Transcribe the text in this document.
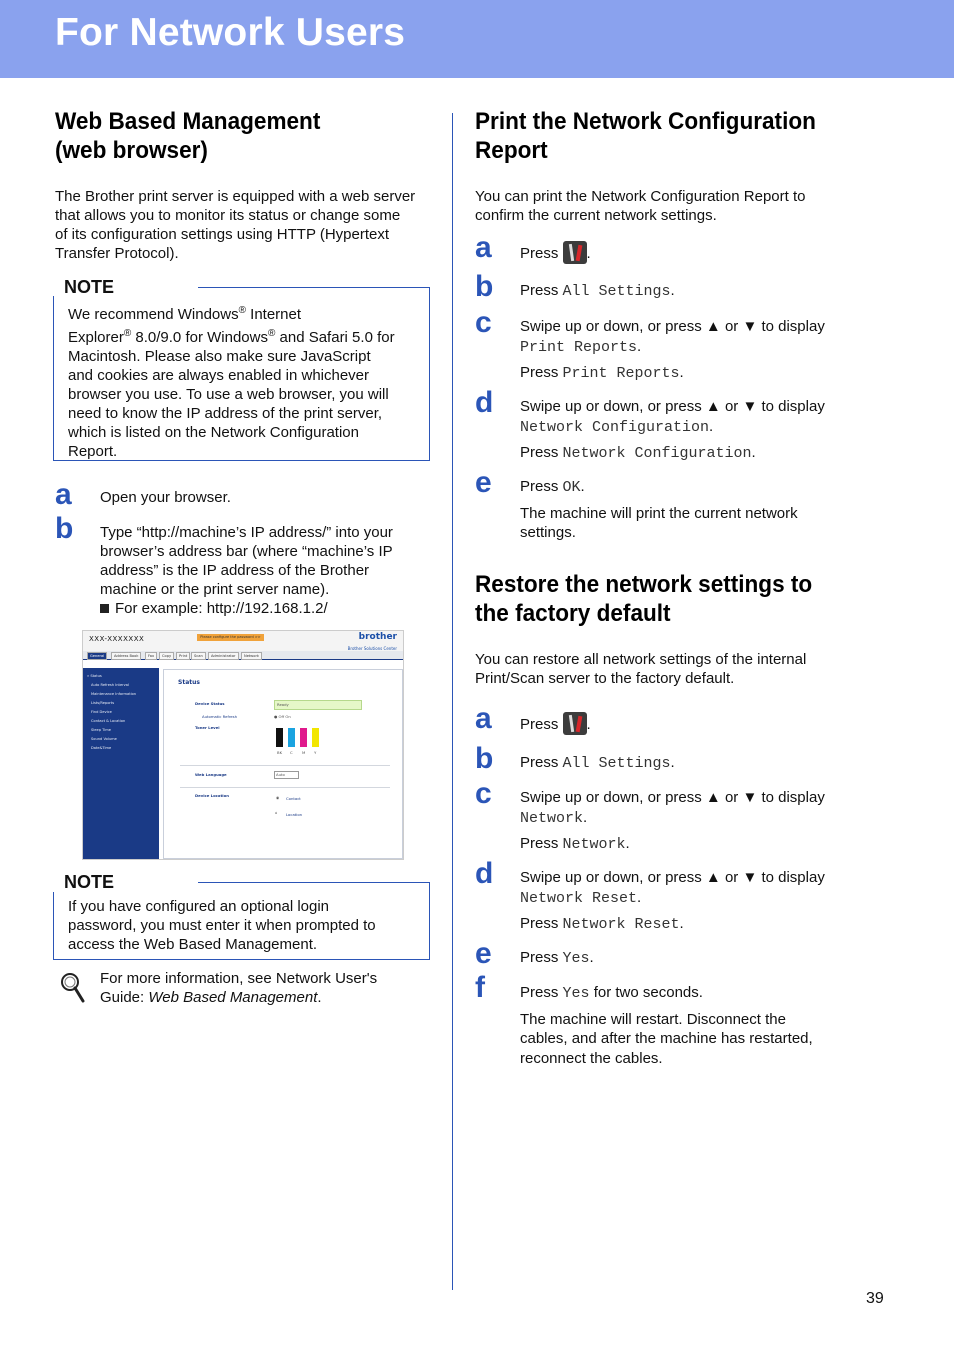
For Network Users
Web Based Management
(web browser)
The Brother print server is equipped with a web server
that allows you to monitor its status or change some
of its configuration settings using HTTP (Hypertext
Transfer Protocol).
NOTE
We recommend Windows® Internet
Explorer® 8.0/9.0 for Windows® and Safari 5.0 for
Macintosh. Please also make sure JavaScript
and cookies are always enabled in whichever
browser you use. To use a web browser, you will
need to know the IP address of the print server,
which is listed on the Network Configuration
Report.
a Open your browser.
b Type “http://machine’s IP address/” into your
browser’s address bar (where “machine’s IP
address” is the IP address of the Brother
machine or the print server name).
For example: http://192.168.1.2/
XXX-XXXXXXX	Please configure the password >>	brother
Brother Solutions Center
General	Address Book	Fax	Copy	Print	Scan	Administrator	Network
» Status
Auto Refresh Interval
Maintenance Information
Lists/Reports
Find Device
Contact & Location
Sleep Time
Sound Volume
Date&Time
Status
Device Status	Ready
Automatic Refresh	● Off On
Toner Level
BK C M Y
Web Language	Auto
Device Location	◉ Contact
⌂ Location
NOTE
If you have configured an optional login
password, you must enter it when prompted to
access the Web Based Management.
For more information, see Network User's
Guide: Web Based Management.
Print the Network Configuration
Report
You can print the Network Configuration Report to
confirm the current network settings.
a Press .
b Press All Settings.
c Swipe up or down, or press ▲ or ▼ to display
Print Reports.
Press Print Reports.
d Swipe up or down, or press ▲ or ▼ to display
Network Configuration.
Press Network Configuration.
e Press OK.
The machine will print the current network
settings.
Restore the network settings to
the factory default
You can restore all network settings of the internal
Print/Scan server to the factory default.
a Press .
b Press All Settings.
c Swipe up or down, or press ▲ or ▼ to display
Network.
Press Network.
d Swipe up or down, or press ▲ or ▼ to display
Network Reset.
Press Network Reset.
e Press Yes.
f Press Yes for two seconds.
The machine will restart. Disconnect the
cables, and after the machine has restarted,
reconnect the cables.
39
